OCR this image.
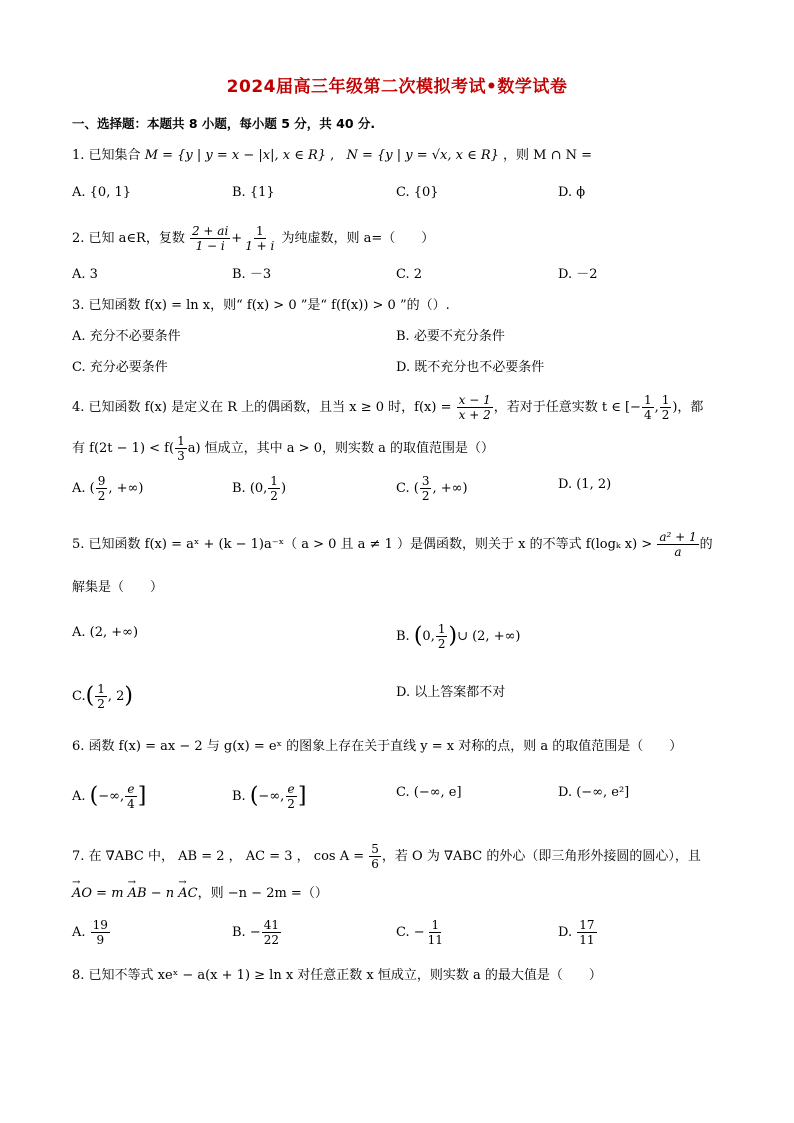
2024届高三年级第二次模拟考试•数学试卷
一、选择题：本题共 8 小题，每小题 5 分，共 40 分.
1. 已知集合 M = {y | y = x − |x|, x ∈ R} , N = {y | y = √x, x ∈ R} ，则 M ∩ N =
A. {0, 1}	B. {1}	C. {0}	D. ϕ
2. 已知 a∈R，复数 $\frac{2 + ai}{1 - i} + \frac{1}{1 + i}$ 为纯虚数，则 a=（　　）
A. 3	B. －3	C. 2	D. －2
3. 已知函数 f(x) = ln x，则“ f(x) > 0 ”是“ f(f(x)) > 0 ”的（）.
A. 充分不必要条件	B. 必要不充分条件
C. 充分必要条件	D. 既不充分也不必要条件
4. 已知函数 f(x) 是定义在 R 上的偶函数，且当 x ≥ 0 时，$f(x) = \frac{x - 1}{x + 2}$ ，若对于任意实数 t ∈ [− $\frac{1}{4}$ , $\frac{1}{2}$ )，都
有 $f(2t - 1) < f( \frac{1}{3} a)$ 恒成立，其中 a > 0，则实数 a 的取值范围是（）
A. ( $\frac{9}{2}$ , +∞)	B. (0, $\frac{1}{2}$ )	C. ( $\frac{3}{2}$ , +∞)	D. (1, 2)
5. 已知函数 f(x) = aˣ + (k − 1)a⁻ˣ（ a > 0 且 a ≠ 1 ）是偶函数，则关于 x 的不等式 f(logₖ $x) > \frac{\text{a² + 1}}{a}$ 的
解集是（　　）
A. (2, +∞)	B. (0, $\frac{1}{2}$ )∪ (2, +∞)
$C.( \frac{1}{2}$ , 2)	D. 以上答案都不对
6. 函数 f(x) = ax − 2 与 g(x) = eˣ 的图象上存在关于直线 y = x 对称的点，则 a 的取值范围是（　　）
A. (−∞, $\frac{e}{4}$ ]	B. (−∞, $\frac{e}{2}$ ]	C. (−∞, e]	D. (−∞, e²]
7. 在 ∇ABC 中， AB = 2 ， AC = 3 ， $\cos A = \frac{5}{6}$ ，若 O 为 ∇ABC 的外心（即三角形外接圆的圆心），且
→ AO = m → AB − n → AC，则 −n − 2m =（）
A. $\frac{19}{9}$	B. − $\frac{41}{22}$	C. − $\frac{1}{11}$	D. $\frac{17}{11}$
8. 已知不等式 xeˣ − a(x + 1) ≥ ln x 对任意正数 x 恒成立，则实数 a 的最大值是（　　）
